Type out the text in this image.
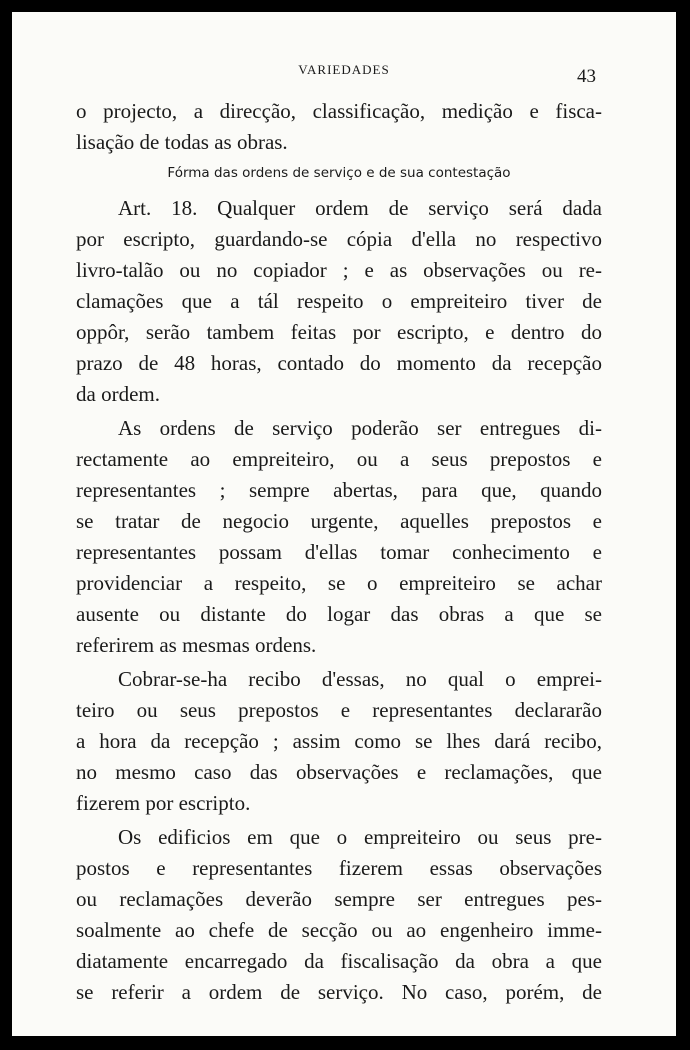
VARIEDADES	43
o projecto, a direcção, classificação, medição e fisca-
lisação de todas as obras.
Fórma das ordens de serviço e de sua contestação
Art. 18. Qualquer ordem de serviço será dada
por escripto, guardando-se cópia d'ella no respectivo
livro-talão ou no copiador ; e as observações ou re-
clamações que a tál respeito o empreiteiro tiver de
oppôr, serão tambem feitas por escripto, e dentro do
prazo de 48 horas, contado do momento da recepção
da ordem.
As ordens de serviço poderão ser entregues di-
rectamente ao empreiteiro, ou a seus prepostos e
representantes ; sempre abertas, para que, quando
se tratar de negocio urgente, aquelles prepostos e
representantes possam d'ellas tomar conhecimento e
providenciar a respeito, se o empreiteiro se achar
ausente ou distante do logar das obras a que se
referirem as mesmas ordens.
Cobrar-se-ha recibo d'essas, no qual o emprei-
teiro ou seus prepostos e representantes declararão
a hora da recepção ; assim como se lhes dará recibo,
no mesmo caso das observações e reclamações, que
fizerem por escripto.
Os edificios em que o empreiteiro ou seus pre-
postos e representantes fizerem essas observações
ou reclamações deverão sempre ser entregues pes-
soalmente ao chefe de secção ou ao engenheiro imme-
diatamente encarregado da fiscalisação da obra a que
se referir a ordem de serviço. No caso, porém, de
